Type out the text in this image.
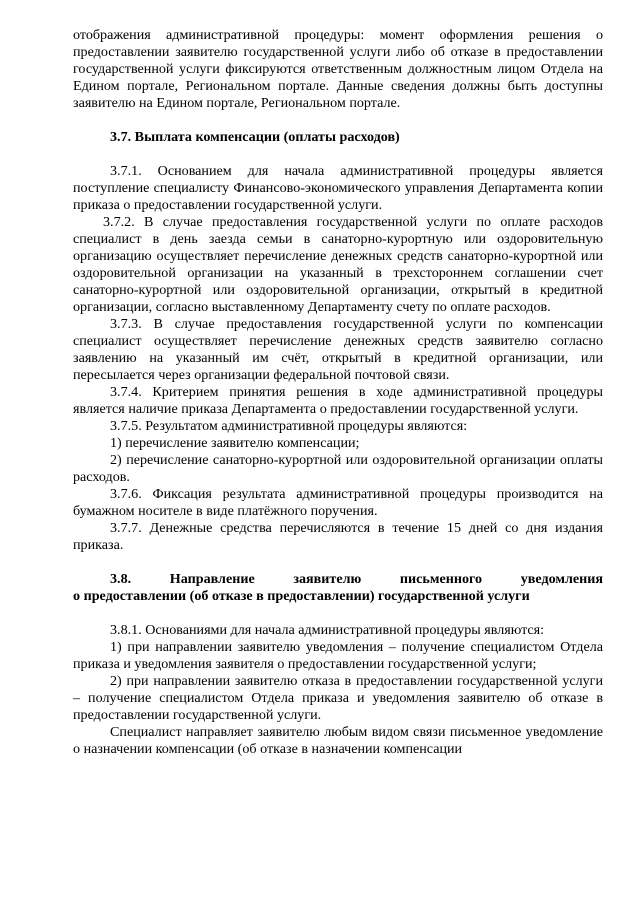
отображения административной процедуры: момент оформления решения о предоставлении заявителю государственной услуги либо об отказе в предоставлении государственной услуги фиксируются ответственным должностным лицом Отдела на Едином портале, Региональном портале. Данные сведения должны быть доступны заявителю на Едином портале, Региональном портале.

3.7. Выплата компенсации (оплаты расходов)

3.7.1. Основанием для начала административной процедуры является поступление специалисту Финансово-экономического управления Департамента копии приказа о предоставлении государственной услуги.

3.7.2. В случае предоставления государственной услуги по оплате расходов специалист в день заезда семьи в санаторно-курортную или оздоровительную организацию осуществляет перечисление денежных средств санаторно-курортной или оздоровительной организации на указанный в трехстороннем соглашении счет санаторно-курортной или оздоровительной организации, открытый в кредитной организации, согласно выставленному Департаменту счету по оплате расходов.

3.7.3. В случае предоставления государственной услуги по компенсации специалист осуществляет перечисление денежных средств заявителю согласно заявлению на указанный им счёт, открытый в кредитной организации, или пересылается через организации федеральной почтовой связи.

3.7.4. Критерием принятия решения в ходе административной процедуры является наличие приказа Департамента о предоставлении государственной услуги.

3.7.5. Результатом административной процедуры являются:

1) перечисление заявителю компенсации;

2) перечисление санаторно-курортной или оздоровительной организации оплаты расходов.

3.7.6. Фиксация результата административной процедуры производится на бумажном носителе в виде платёжного поручения.

3.7.7. Денежные средства перечисляются в течение 15 дней со дня издания приказа.

3.8. Направление заявителю письменного уведомления

о предоставлении (об отказе в предоставлении) государственной услуги

3.8.1. Основаниями для начала административной процедуры являются:

1) при направлении заявителю уведомления – получение специалистом Отдела приказа и уведомления заявителя о предоставлении государственной услуги;

2) при направлении заявителю отказа в предоставлении государственной услуги – получение специалистом Отдела приказа и уведомления заявителю об отказе в предоставлении государственной услуги.

Специалист направляет заявителю любым видом связи письменное уведомление о назначении компенсации (об отказе в назначении компенсации
